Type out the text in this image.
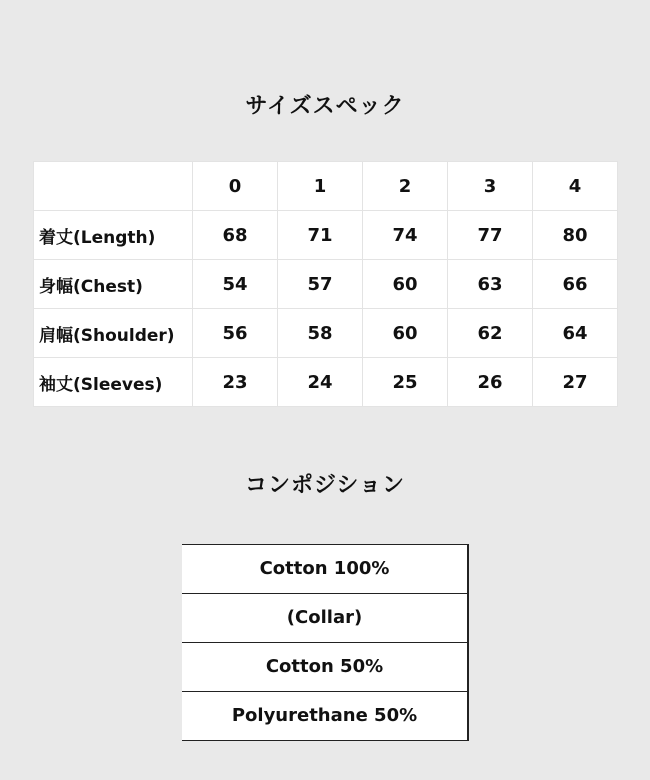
サイズスペック
	0	1	2	3	4
着丈(Length)	68	71	74	77	80
身幅(Chest)	54	57	60	63	66
肩幅(Shoulder)	56	58	60	62	64
袖丈(Sleeves)	23	24	25	26	27
コンポジション
Cotton 100%
(Collar)
Cotton 50%
Polyurethane 50%
